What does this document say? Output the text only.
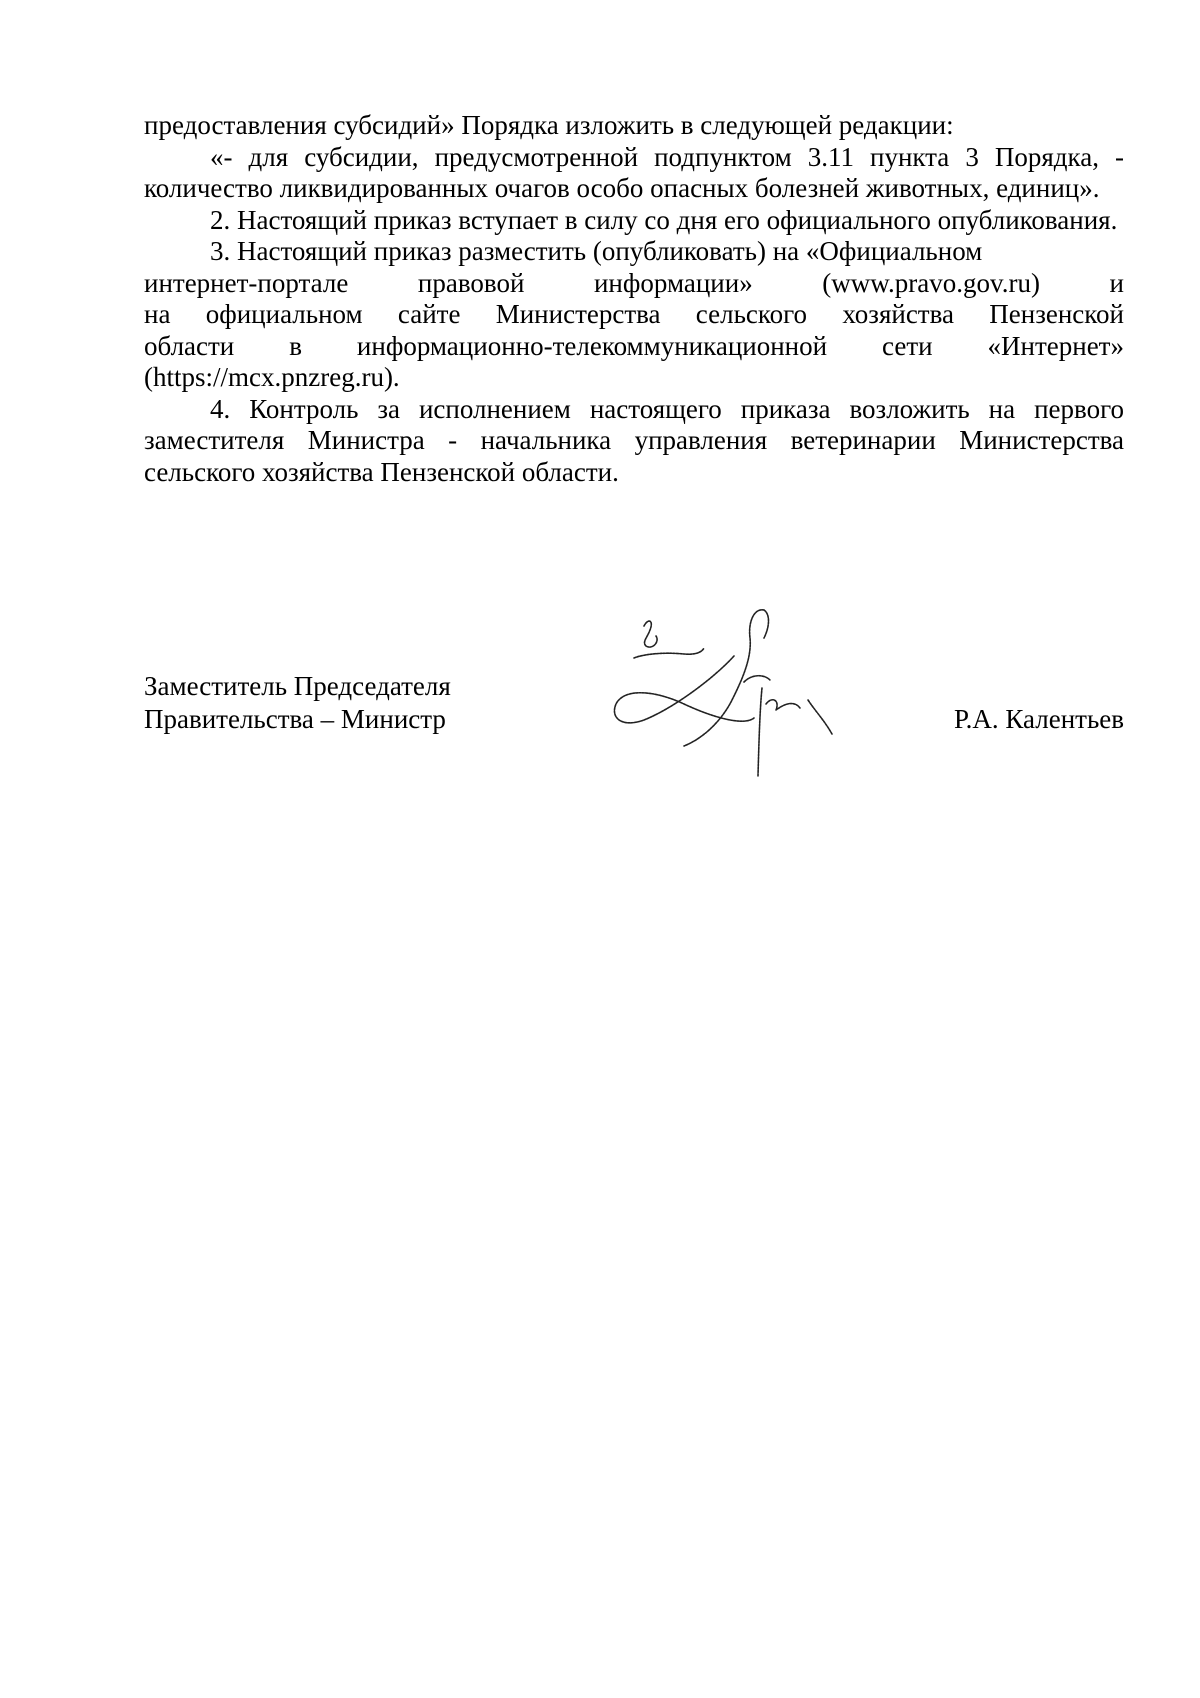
предоставления субсидий» Порядка изложить в следующей редакции:

«- для субсидии, предусмотренной подпунктом 3.11 пункта 3 Порядка, - количество ликвидированных очагов особо опасных болезней животных, единиц».

2. Настоящий приказ вступает в силу со дня его официального опубликования.

3. Настоящий приказ разместить (опубликовать) на «Официальном

интернет-портале	правовой	информации»	(www.pravo.gov.ru)	и
на официальном сайте Министерства сельского хозяйства Пензенской
области в информационно-телекоммуникационной сети «Интернет»

(https://mcx.pnzreg.ru).

4. Контроль за исполнением настоящего приказа возложить на первого заместителя Министра - начальника управления ветеринарии Министерства сельского хозяйства Пензенской области.

Заместитель Председателя
Правительства – Министр	Р.А. Калентьев
